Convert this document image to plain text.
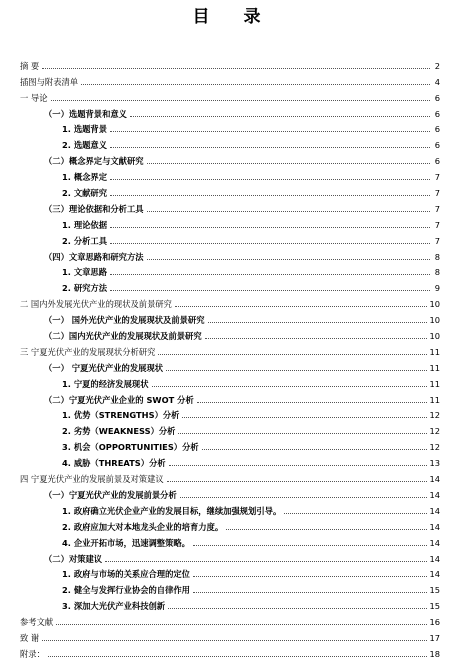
目 录
摘 要	2
插图与附表清单	4
一 导论	6
（一）选题背景和意义	6
1. 选题背景	6
2. 选题意义	6
（二）概念界定与文献研究	6
1. 概念界定	7
2. 文献研究	7
（三）理论依据和分析工具	7
1. 理论依据	7
2. 分析工具	7
（四）文章思路和研究方法	8
1. 文章思路	8
2. 研究方法	9
二 国内外发展光伏产业的现状及前景研究	10
（一） 国外光伏产业的发展现状及前景研究	10
（二）国内光伏产业的发展现状及前景研究	10
三 宁夏光伏产业的发展现状分析研究	11
（一） 宁夏光伏产业的发展现状	11
1. 宁夏的经济发展现状	11
（二）宁夏光伏产业企业的 SWOT 分析	11
1. 优势（STRENGTHS）分析	12
2. 劣势（WEAKNESS）分析	12
3. 机会（OPPORTUNITIES）分析	12
4. 威胁（THREATS）分析	13
四 宁夏光伏产业的发展前景及对策建议	14
（一）宁夏光伏产业的发展前景分析	14
1. 政府确立光伏企业产业的发展目标，继续加强规划引导。	14
2. 政府应加大对本地龙头企业的培育力度。	14
4. 企业开拓市场，迅速调整策略。	14
（二）对策建议	14
1. 政府与市场的关系应合理的定位	14
2. 健全与发挥行业协会的自律作用	15
3. 深加大光伏产业科技创新	15
参考文献	16
致 谢	17
附录：	18
